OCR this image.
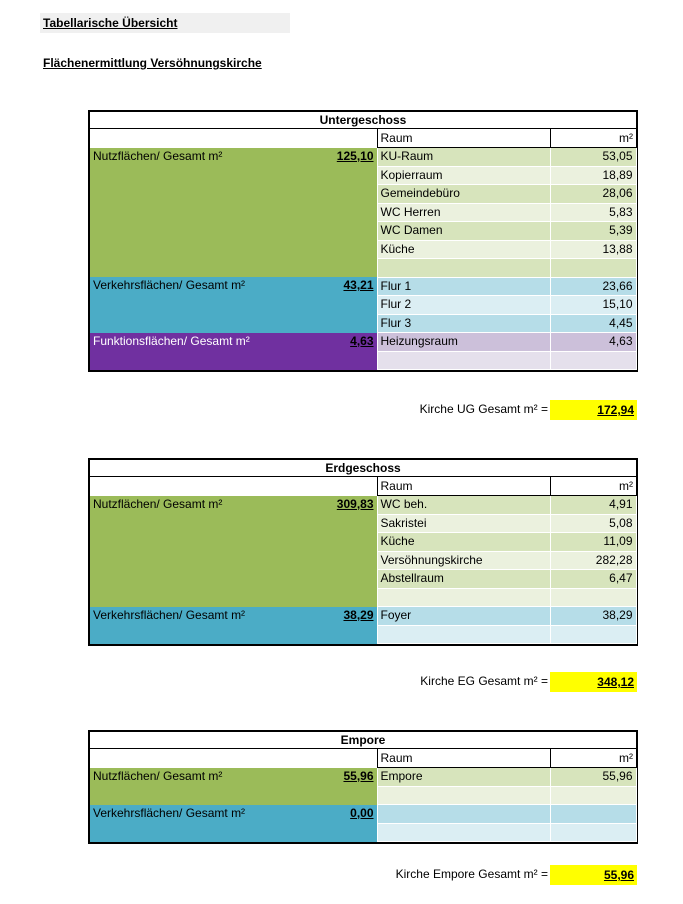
Tabellarische Übersicht
Flächenermittlung Versöhnungskirche
Untergeschoss
	Raum	m²

Nutzflächen/ Gesamt m² 125,10	KU-Raum	53,05
	Kopierraum	18,89
	Gemeindebüro	28,06
	WC Herren	5,83
	WC Damen	5,39
	Küche	13,88

Verkehrsflächen/ Gesamt m² 43,21	Flur 1	23,66
	Flur 2	15,10
	Flur 3	4,45

Funktionsflächen/ Gesamt m² 4,63	Heizungsraum	4,63

Kirche UG Gesamt m² =	172,94
Erdgeschoss
	Raum	m²

Nutzflächen/ Gesamt m² 309,83	WC beh.	4,91
	Sakristei	5,08
	Küche	11,09
	Versöhnungskirche	282,28
	Abstellraum	6,47

Verkehrsflächen/ Gesamt m² 38,29	Foyer	38,29

Kirche EG Gesamt m² =	348,12
Empore
	Raum	m²

Nutzflächen/ Gesamt m² 55,96	Empore	55,96

Verkehrsflächen/ Gesamt m² 0,00		

Kirche Empore Gesamt m² =	55,96
